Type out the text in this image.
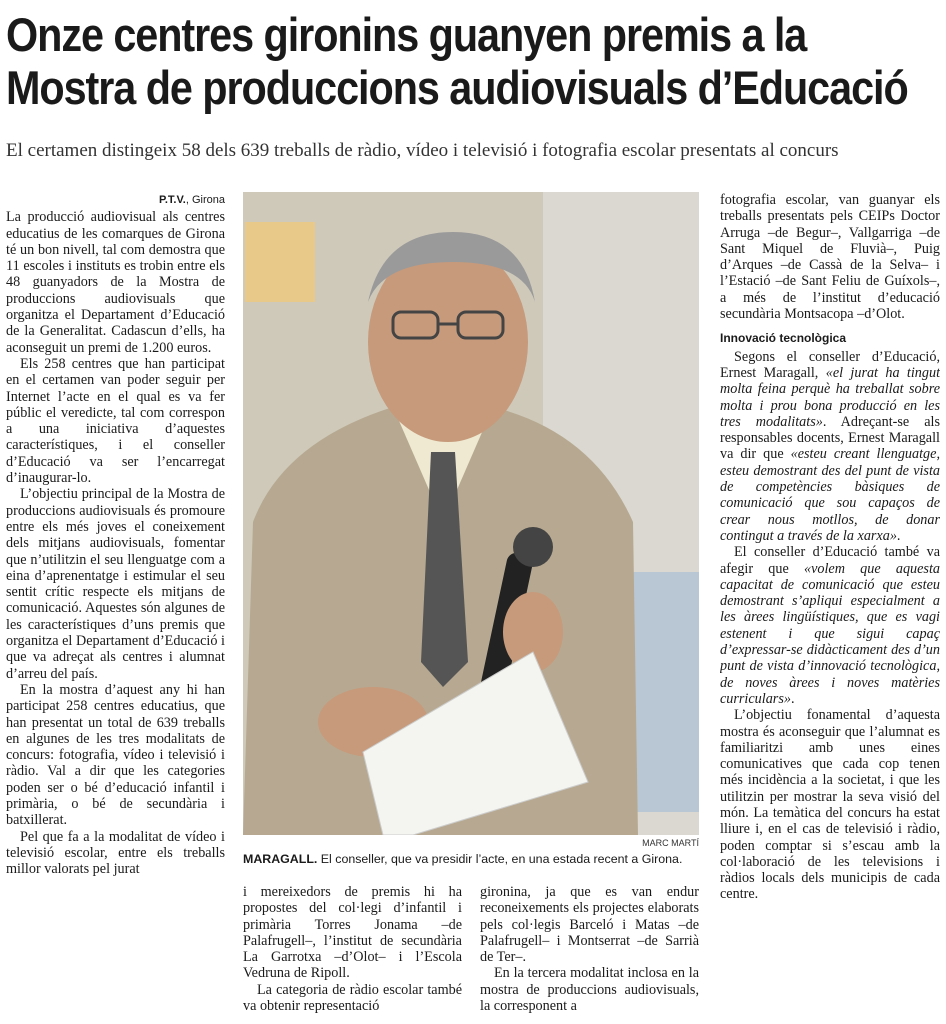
Onze centres gironins guanyen premis a la
Mostra de produccions audiovisuals d’Educació
El certamen distingeix 58 dels 639 treballs de ràdio, vídeo i televisió i fotografia escolar presentats al concurs
P.T.V., Girona

La producció audiovisual als centres educatius de les comarques de Girona té un bon nivell, tal com demostra que 11 escoles i instituts es trobin entre els 48 guanyadors de la Mostra de produccions audiovisuals que organitza el Departament d’Educació de la Generalitat. Cadascun d’ells, ha aconseguit un premi de 1.200 euros.

Els 258 centres que han participat en el certamen van poder seguir per Internet l’acte en el qual es va fer públic el veredicte, tal com correspon a una iniciativa d’aquestes característiques, i el conseller d’Educació va ser l’encarregat d’inaugurar-lo.

L’objectiu principal de la Mostra de produccions audiovisuals és promoure entre els més joves el coneixement dels mitjans audiovisuals, fomentar que n’utilitzin el seu llenguatge com a eina d’aprenentatge i estimular el seu sentit crític respecte els mitjans de comunicació. Aquestes són algunes de les característiques d’uns premis que organitza el Departament d’Educació i que va adreçat als centres i alumnat d’arreu del país.

En la mostra d’aquest any hi han participat 258 centres educatius, que han presentat un total de 639 treballs en algunes de les tres modalitats de concurs: fotografia, vídeo i televisió i ràdio. Val a dir que les categories poden ser o bé d’educació infantil i primària, o bé de secundària i batxillerat.

Pel que fa a la modalitat de vídeo i televisió escolar, entre els treballs millor valorats pel jurat

MARC MARTÍ
MARAGALL. El conseller, que va presidir l’acte, en una estada recent a Girona.

i mereixedors de premis hi ha propostes del col·legi d’infantil i primària Torres Jonama –de Palafrugell–, l’institut de secundària La Garrotxa –d’Olot– i l’Escola Vedruna de Ripoll.

La categoria de ràdio escolar també va obtenir representació

gironina, ja que es van endur reconeixements els projectes elaborats pels col·legis Barceló i Matas –de Palafrugell– i Montserrat –de Sarrià de Ter–.

En la tercera modalitat inclosa en la mostra de produccions audiovisuals, la corresponent a

fotografia escolar, van guanyar els treballs presentats pels CEIPs Doctor Arruga –de Begur–, Vallgarriga –de Sant Miquel de Fluvià–, Puig d’Arques –de Cassà de la Selva– i l’Estació –de Sant Feliu de Guíxols–, a més de l’institut d’educació secundària Montsacopa –d’Olot.

Innovació tecnològica

Segons el conseller d’Educació, Ernest Maragall, «el jurat ha tingut molta feina perquè ha treballat sobre molta i prou bona producció en les tres modalitats». Adreçant-se als responsables docents, Ernest Maragall va dir que «esteu creant llenguatge, esteu demostrant des del punt de vista de competències bàsiques de comunicació que sou capaços de crear nous motllos, de donar contingut a través de la xarxa».

El conseller d’Educació també va afegir que «volem que aquesta capacitat de comunicació que esteu demostrant s’apliqui especialment a les àrees lingüístiques, que es vagi estenent i que sigui capaç d’expressar-se didàcticament des d’un punt de vista d’innovació tecnològica, de noves àrees i noves matèries curriculars».

L’objectiu fonamental d’aquesta mostra és aconseguir que l’alumnat es familiaritzi amb unes eines comunicatives que cada cop tenen més incidència a la societat, i que les utilitzin per mostrar la seva visió del món. La temàtica del concurs ha estat lliure i, en el cas de televisió i ràdio, poden comptar si s’escau amb la col·laboració de les televisions i ràdios locals dels municipis de cada centre.
